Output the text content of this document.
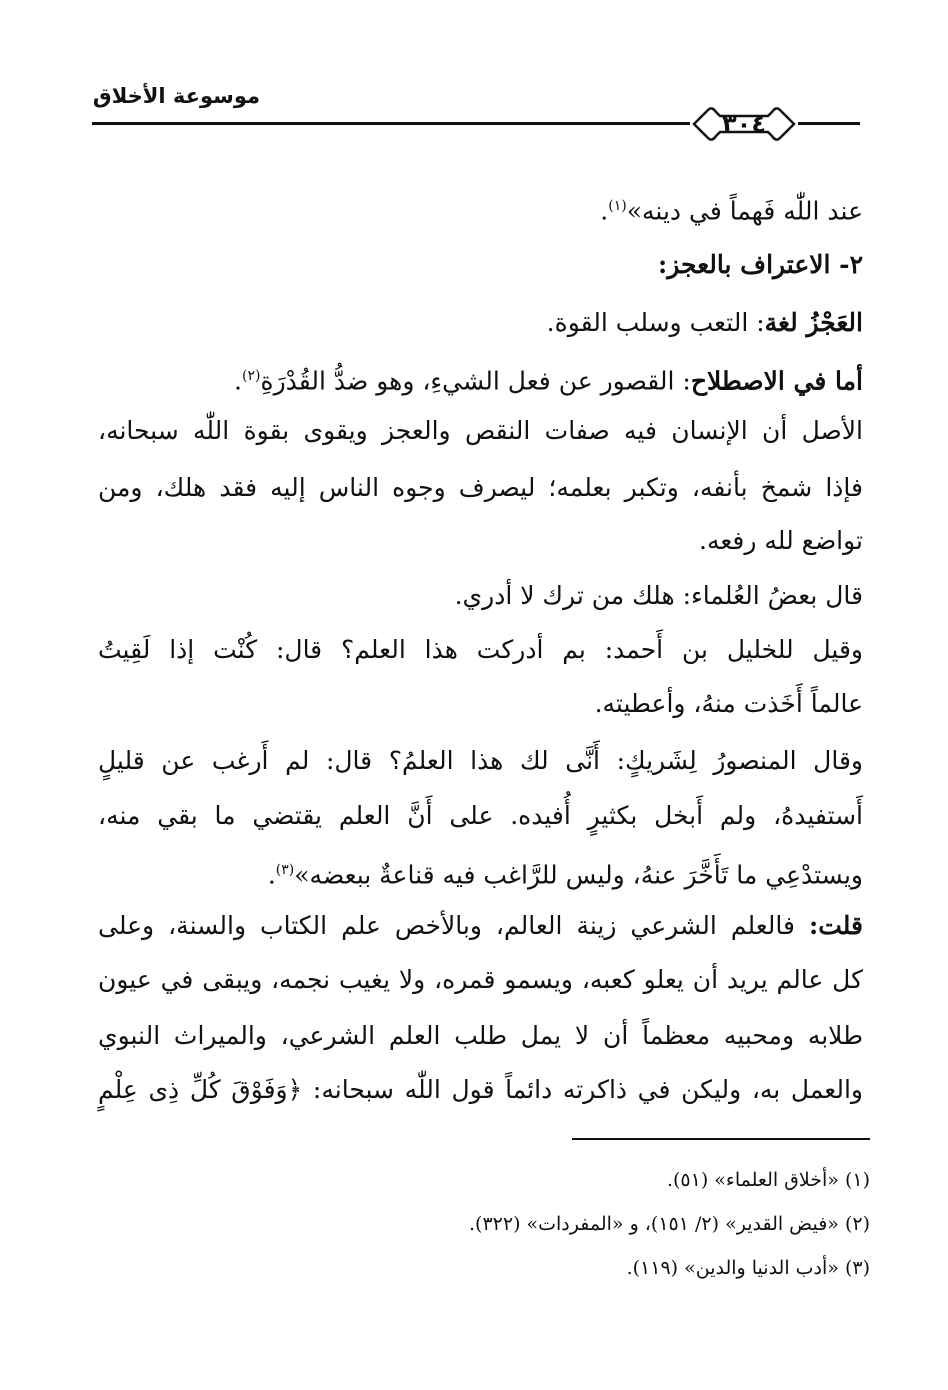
موسوعة الأخلاق
٣٠٤
عند اللّٰه فَهماً في دينه»$^{(١)}$.
٢- الاعتراف بالعجز:
العَجْزُ لغة: التعب وسلب القوة.
أما في الاصطلاح: القصور عن فعل الشيءِ، وهو ضدُّ القُدْرَةِ$^{(٢)}$.
الأصل أن الإنسان فيه صفات النقص والعجز ويقوى بقوة اللّٰه سبحانه،
فإذا شمخ بأنفه، وتكبر بعلمه؛ ليصرف وجوه الناس إليه فقد هلك، ومن
تواضع لله رفعه.
قال بعضُ العُلماء: هلك من ترك لا أدري.
وقيل للخليل بن أَحمد: بم أدركت هذا العلم؟ قال: كُنْت إذا لَقِيتُ
عالماً أَخَذت منهُ، وأعطيته.
وقال المنصورُ لِشَريكٍ: أَنَّى لك هذا العلمُ؟ قال: لم أَرغب عن قليلٍ
أَستفيدهُ، ولم أَبخل بكثيرٍ أُفيده. على أَنَّ العلم يقتضي ما بقي منه،
ويستدْعِي ما تَأَخَّرَ عنهُ، وليس للرَّاغب فيه قناعةٌ ببعضه»$^{(٣)}$.
قلت: فالعلم الشرعي زينة العالم، وبالأخص علم الكتاب والسنة، وعلى
كل عالم يريد أن يعلو كعبه، ويسمو قمره، ولا يغيب نجمه، ويبقى في عيون
طلابه ومحبيه معظماً أن لا يمل طلب العلم الشرعي، والميراث النبوي
والعمل به، وليكن في ذاكرته دائماً قول اللّٰه سبحانه: ﴿وَفَوْقَ كُلِّ ذِى عِلْمٍ
(١) «أخلاق العلماء» (٥١).
(٢) «فيض القدير» (٢/ ١٥١)، و «المفردات» (٣٢٢).
(٣) «أدب الدنيا والدين» (١١٩).
